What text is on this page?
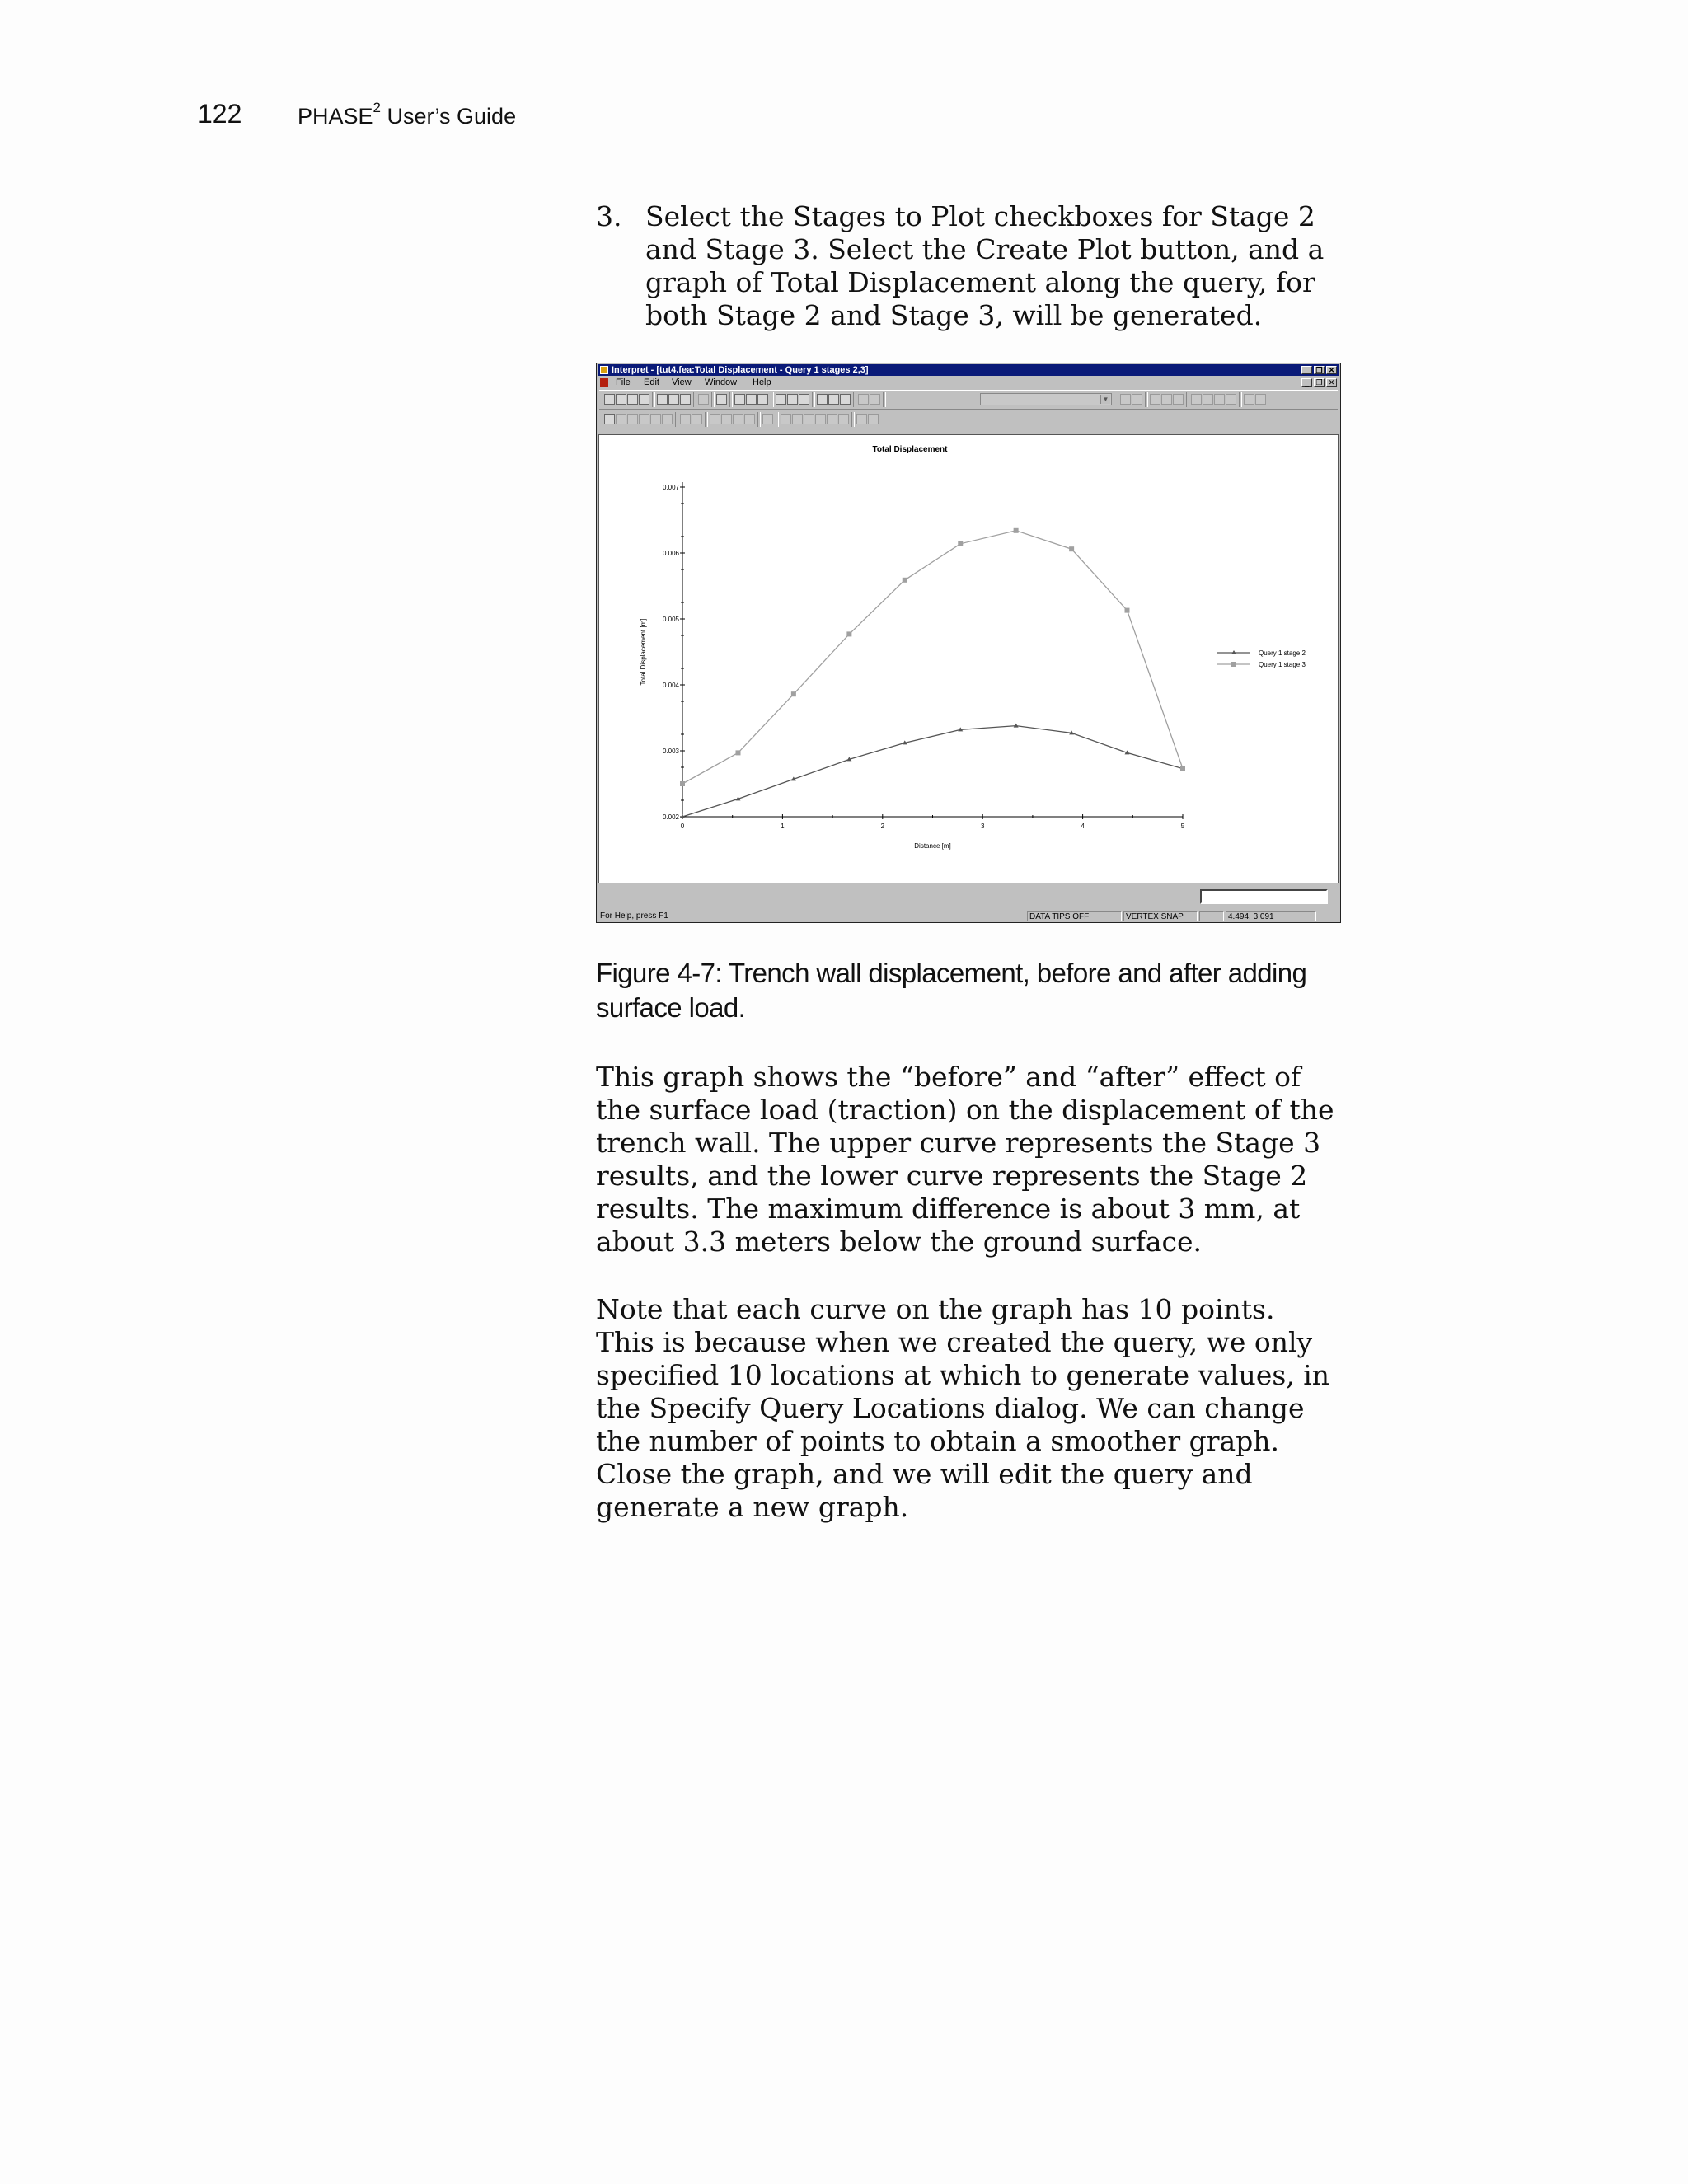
122	PHASE$^2$ User’s Guide
3. Select the Stages to Plot checkboxes for Stage 2 and Stage 3. Select the Create Plot button, and a graph of Total Displacement along the query, for both Stage 2 and Stage 3, will be generated.
Interpret - [tut4.fea:Total Displacement - Query 1 stages 2,3]	_ ❐ ✕
File Edit View Window Help	_ ❐ ✕
▼
Total Displacement
0.002
0.003
0.004
0.005
0.006
0.007
0	1	2	3	4	5
Distance [m]
Total Displacement [m]	Query 1 stage 2
Query 1 stage 3
For Help, press F1	DATA TIPS OFF	VERTEX SNAP	4.494, 3.091
Figure 4-7: Trench wall displacement, before and after adding surface load.
This graph shows the “before” and “after” effect of the surface load (traction) on the displacement of the trench wall. The upper curve represents the Stage 3 results, and the lower curve represents the Stage 2 results. The maximum difference is about 3 mm, at about 3.3 meters below the ground surface.
Note that each curve on the graph has 10 points. This is because when we created the query, we only specified 10 locations at which to generate values, in the Specify Query Locations dialog. We can change the number of points to obtain a smoother graph. Close the graph, and we will edit the query and generate a new graph.
